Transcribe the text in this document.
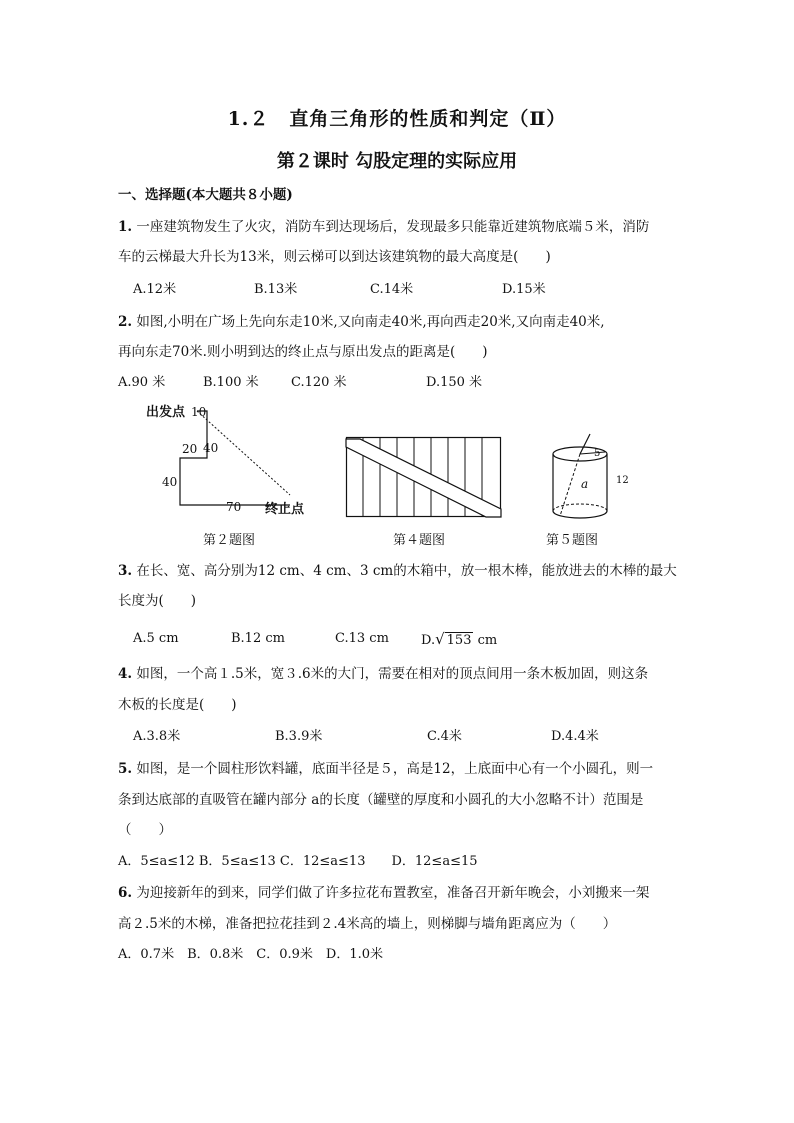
1.２　直角三角形的性质和判定（Ⅱ）
第２课时 勾股定理的实际应用
一、选择题(本大题共８小题)
1. 一座建筑物发生了火灾，消防车到达现场后，发现最多只能靠近建筑物底端５米，消防
车的云梯最大升长为13米，则云梯可以到达该建筑物的最大高度是(　　)
A.12米	B.13米	C.14米	D.15米
2. 如图,小明在广场上先向东走10米,又向南走40米,再向西走20米,又向南走40米,
再向东走70米.则小明到达的终止点与原出发点的距离是(　　)
A.90 米	B.100 米 C.120 米	D.150 米
出发点 10
20 40
40
70 终止点
第２题图	第４题图
5
12
a
第５题图
3. 在长、宽、高分别为12 cm、4 cm、3 cm的木箱中，放一根木棒，能放进去的木棒的最大
长度为(　　)
A.5 cm	B.12 cm	C.13 cm D.√ 153 cm
4. 如图，一个高１.5米，宽３.6米的大门，需要在相对的顶点间用一条木板加固，则这条
木板的长度是(　　)
A.3.8米	B.3.9米	C.4米	D.4.4米
5. 如图，是一个圆柱形饮料罐，底面半径是５，高是12，上底面中心有一个小圆孔，则一
条到达底部的直吸管在罐内部分 a的长度（罐壁的厚度和小圆孔的大小忽略不计）范围是
（　　）
A．5≤a≤12 B．5≤a≤13 C．12≤a≤13　　D．12≤a≤15
6. 为迎接新年的到来，同学们做了许多拉花布置教室，准备召开新年晚会，小刘搬来一架
高２.5米的木梯，准备把拉花挂到２.4米高的墙上，则梯脚与墙角距离应为（　　）
A．0.7米　B．0.8米　C．0.9米　D．1.0米
